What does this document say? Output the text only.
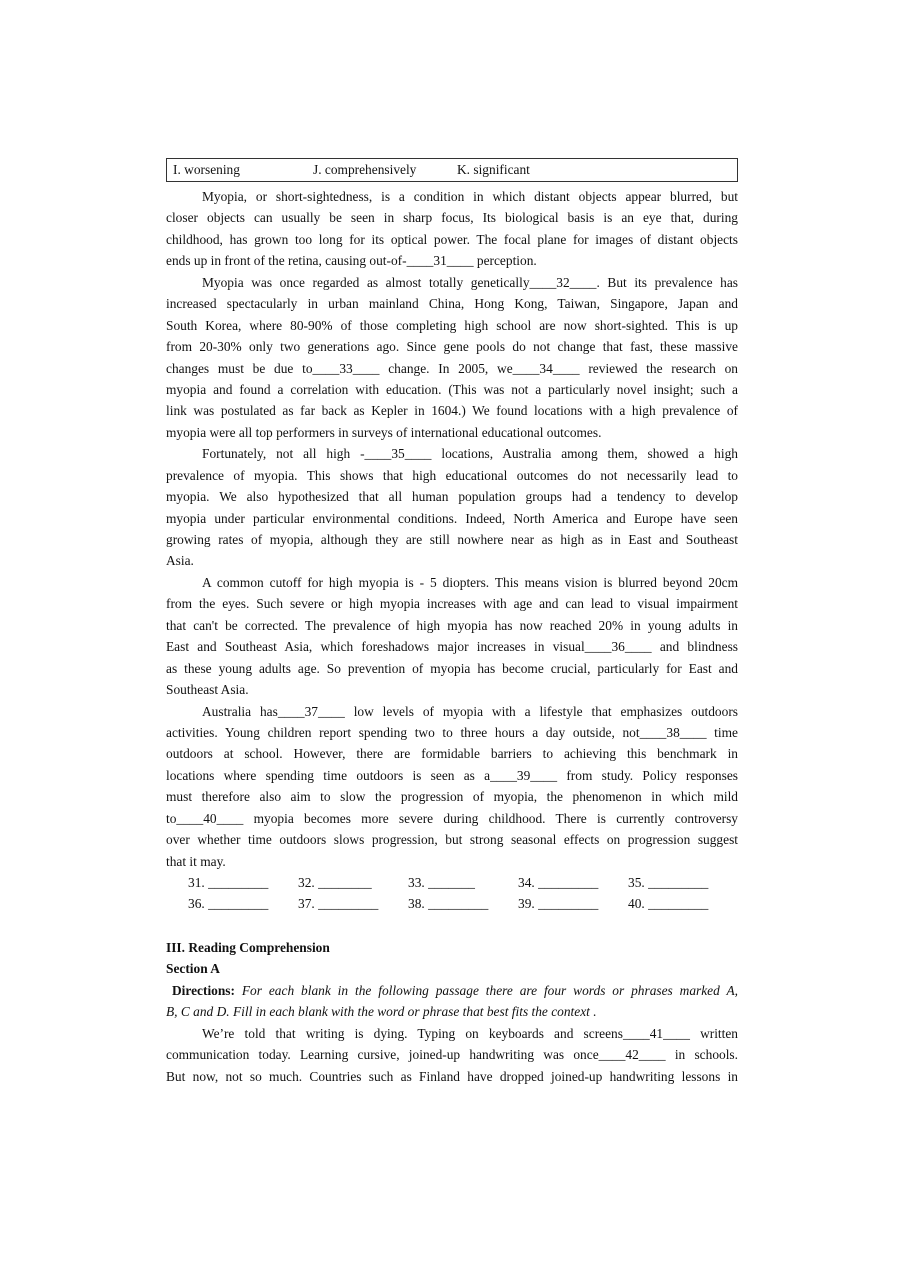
I. worsening	J. comprehensively	K. significant
Myopia, or short-sightedness, is a condition in which distant objects appear blurred, but
closer objects can usually be seen in sharp focus, Its biological basis is an eye that, during
childhood, has grown too long for its optical power. The focal plane for images of distant objects
ends up in front of the retina, causing out-of-____31____ perception.
Myopia was once regarded as almost totally genetically____32____. But its prevalence has
increased spectacularly in urban mainland China, Hong Kong, Taiwan, Singapore, Japan and
South Korea, where 80-90% of those completing high school are now short-sighted. This is up
from 20-30% only two generations ago. Since gene pools do not change that fast, these massive
changes must be due to____33____ change. In 2005, we____34____ reviewed the research on
myopia and found a correlation with education. (This was not a particularly novel insight; such a
link was postulated as far back as Kepler in 1604.) We found locations with a high prevalence of
myopia were all top performers in surveys of international educational outcomes.
Fortunately, not all high -____35____ locations, Australia among them, showed a high
prevalence of myopia. This shows that high educational outcomes do not necessarily lead to
myopia. We also hypothesized that all human population groups had a tendency to develop
myopia under particular environmental conditions. Indeed, North America and Europe have seen
growing rates of myopia, although they are still nowhere near as high as in East and Southeast
Asia.
A common cutoff for high myopia is - 5 diopters. This means vision is blurred beyond 20cm
from the eyes. Such severe or high myopia increases with age and can lead to visual impairment
that can't be corrected. The prevalence of high myopia has now reached 20% in young adults in
East and Southeast Asia, which foreshadows major increases in visual____36____ and blindness
as these young adults age. So prevention of myopia has become crucial, particularly for East and
Southeast Asia.
Australia has____37____ low levels of myopia with a lifestyle that emphasizes outdoors
activities. Young children report spending two to three hours a day outside, not____38____ time
outdoors at school. However, there are formidable barriers to achieving this benchmark in
locations where spending time outdoors is seen as a____39____ from study. Policy responses
must therefore also aim to slow the progression of myopia, the phenomenon in which mild
to____40____ myopia becomes more severe during childhood. There is currently controversy
over whether time outdoors slows progression, but strong seasonal effects on progression suggest
that it may.
31. _________	32. ________	33. _______	34. _________	35. _________
36. _________	37. _________	38. _________	39. _________	40. _________
III. Reading Comprehension
Section A
Directions: For each blank in the following passage there are four words or phrases marked A,
B, C and D. Fill in each blank with the word or phrase that best fits the context .
We’re told that writing is dying. Typing on keyboards and screens____41____ written
communication today. Learning cursive, joined-up handwriting was once____42____ in schools.
But now, not so much. Countries such as Finland have dropped joined-up handwriting lessons in
